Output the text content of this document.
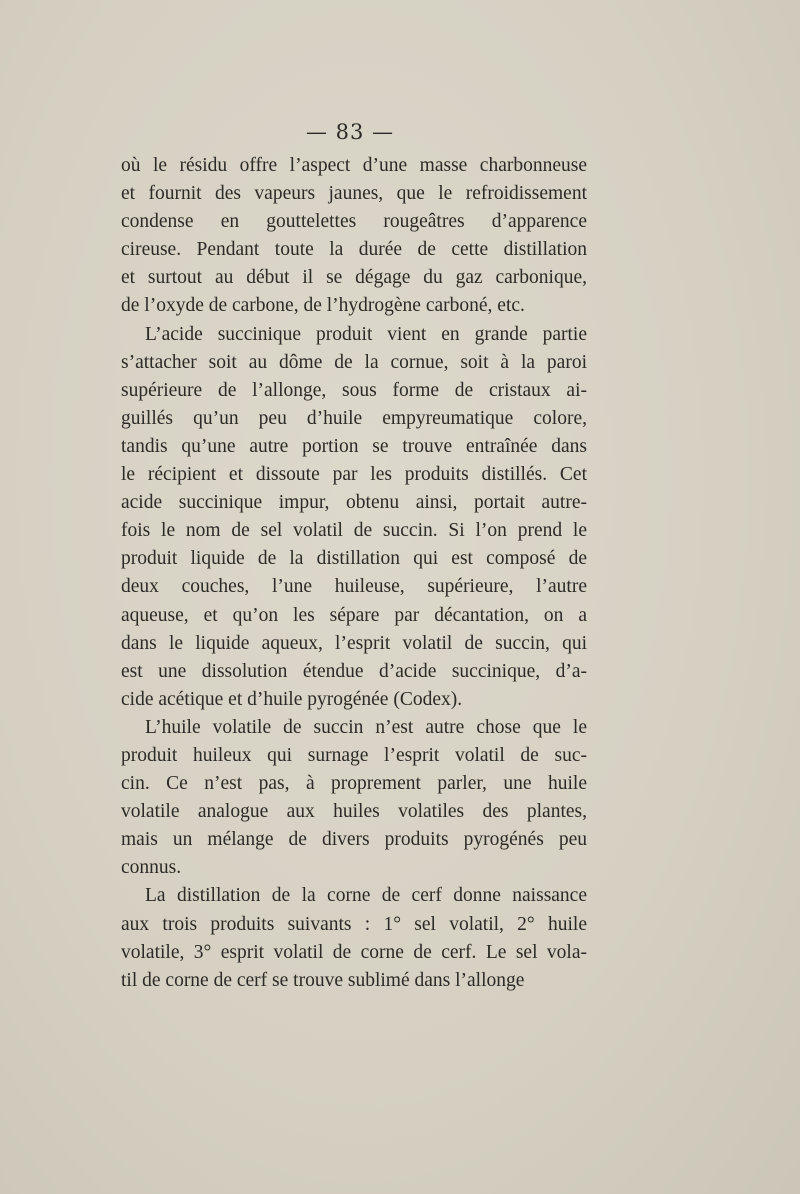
— 83 —
où le résidu offre l’aspect d’une masse charbonneuse
et fournit des vapeurs jaunes, que le refroidissement
condense en gouttelettes rougeâtres d’apparence
cireuse. Pendant toute la durée de cette distillation
et surtout au début il se dégage du gaz carbonique,
de l’oxyde de carbone, de l’hydrogène carboné, etc.
L’acide succinique produit vient en grande partie
s’attacher soit au dôme de la cornue, soit à la paroi
supérieure de l’allonge, sous forme de cristaux ai-
guillés qu’un peu d’huile empyreumatique colore,
tandis qu’une autre portion se trouve entraînée dans
le récipient et dissoute par les produits distillés. Cet
acide succinique impur, obtenu ainsi, portait autre-
fois le nom de sel volatil de succin. Si l’on prend le
produit liquide de la distillation qui est composé de
deux couches, l’une huileuse, supérieure, l’autre
aqueuse, et qu’on les sépare par décantation, on a
dans le liquide aqueux, l’esprit volatil de succin, qui
est une dissolution étendue d’acide succinique, d’a-
cide acétique et d’huile pyrogénée (Codex).
L’huile volatile de succin n’est autre chose que le
produit huileux qui surnage l’esprit volatil de suc-
cin. Ce n’est pas, à proprement parler, une huile
volatile analogue aux huiles volatiles des plantes,
mais un mélange de divers produits pyrogénés peu
connus.
La distillation de la corne de cerf donne naissance
aux trois produits suivants : 1° sel volatil, 2° huile
volatile, 3° esprit volatil de corne de cerf. Le sel vola-
til de corne de cerf se trouve sublimé dans l’allonge
